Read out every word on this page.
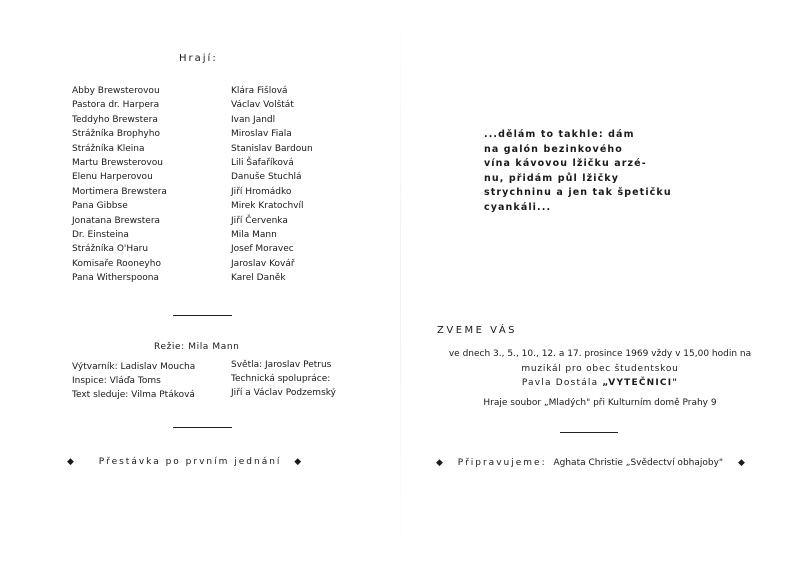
Hrají:
Abby Brewsterovou
Pastora dr. Harpera
Teddyho Brewstera
Strážníka Brophyho
Strážníka Kleina
Martu Brewsterovou
Elenu Harperovou
Mortimera Brewstera
Pana Gibbse
Jonatana Brewstera
Dr. Einsteina
Strážníka O'Haru
Komisaře Rooneyho
Pana Witherspoona
Klára Fišlová
Václav Volštát
Ivan Jandl
Miroslav Fiala
Stanislav Bardoun
Lili Šafaříková
Danuše Stuchlá
Jiří Hromádko
Mirek Kratochvíl
Jiří Červenka
Mila Mann
Josef Moravec
Jaroslav Kovář
Karel Daněk
Režie: Mila Mann
Výtvarník: Ladislav Moucha
Inspice: Vláďa Toms
Text sleduje: Vilma Ptáková
Světla: Jaroslav Petrus
Technická spolupráce:
Jiří a Václav Podzemský
◆	Přestávka po prvním jednání ◆
...dělám to takhle: dám
na galón bezinkového
vína kávovou lžičku arzé-
nu, přidám půl lžičky
strychninu a jen tak špetičku
cyankáli...
ZVEME VÁS
ve dnech 3., 5., 10., 12. a 17. prosince 1969 vždy v 15,00 hodin na
muzikál pro obec študentskou
Pavla Dostála „VYTEČNICI"
Hraje soubor „Mladých" při Kulturním domě Prahy 9
◆ Připravujeme: Aghata Christie „Svědectví obhajoby" ◆
